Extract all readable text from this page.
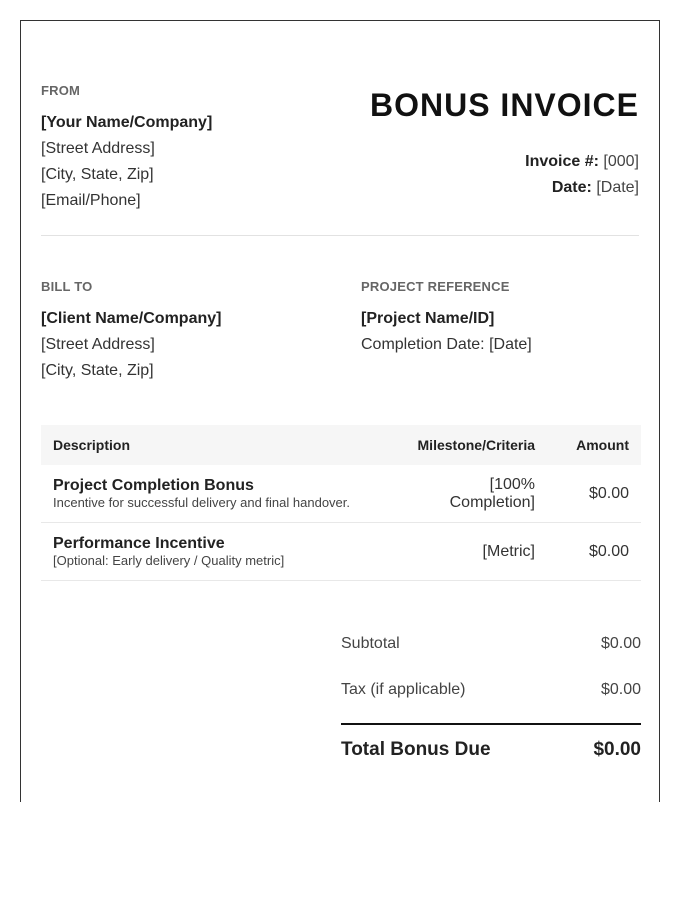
FROM
[Your Name/Company]
[Street Address]
[City, State, Zip]
[Email/Phone]
BONUS INVOICE
Invoice #: [000]
Date: [Date]
BILL TO
[Client Name/Company]
[Street Address]
[City, State, Zip]
PROJECT REFERENCE
[Project Name/ID]
Completion Date: [Date]
Description	Milestone/Criteria	Amount

Project Completion Bonus
Incentive for successful delivery and final handover.	[100% Completion]	$0.00

Performance Incentive
[Optional: Early delivery / Quality metric]	[Metric]	$0.00
Subtotal	$0.00
Tax (if applicable)	$0.00
Total Bonus Due	$0.00
